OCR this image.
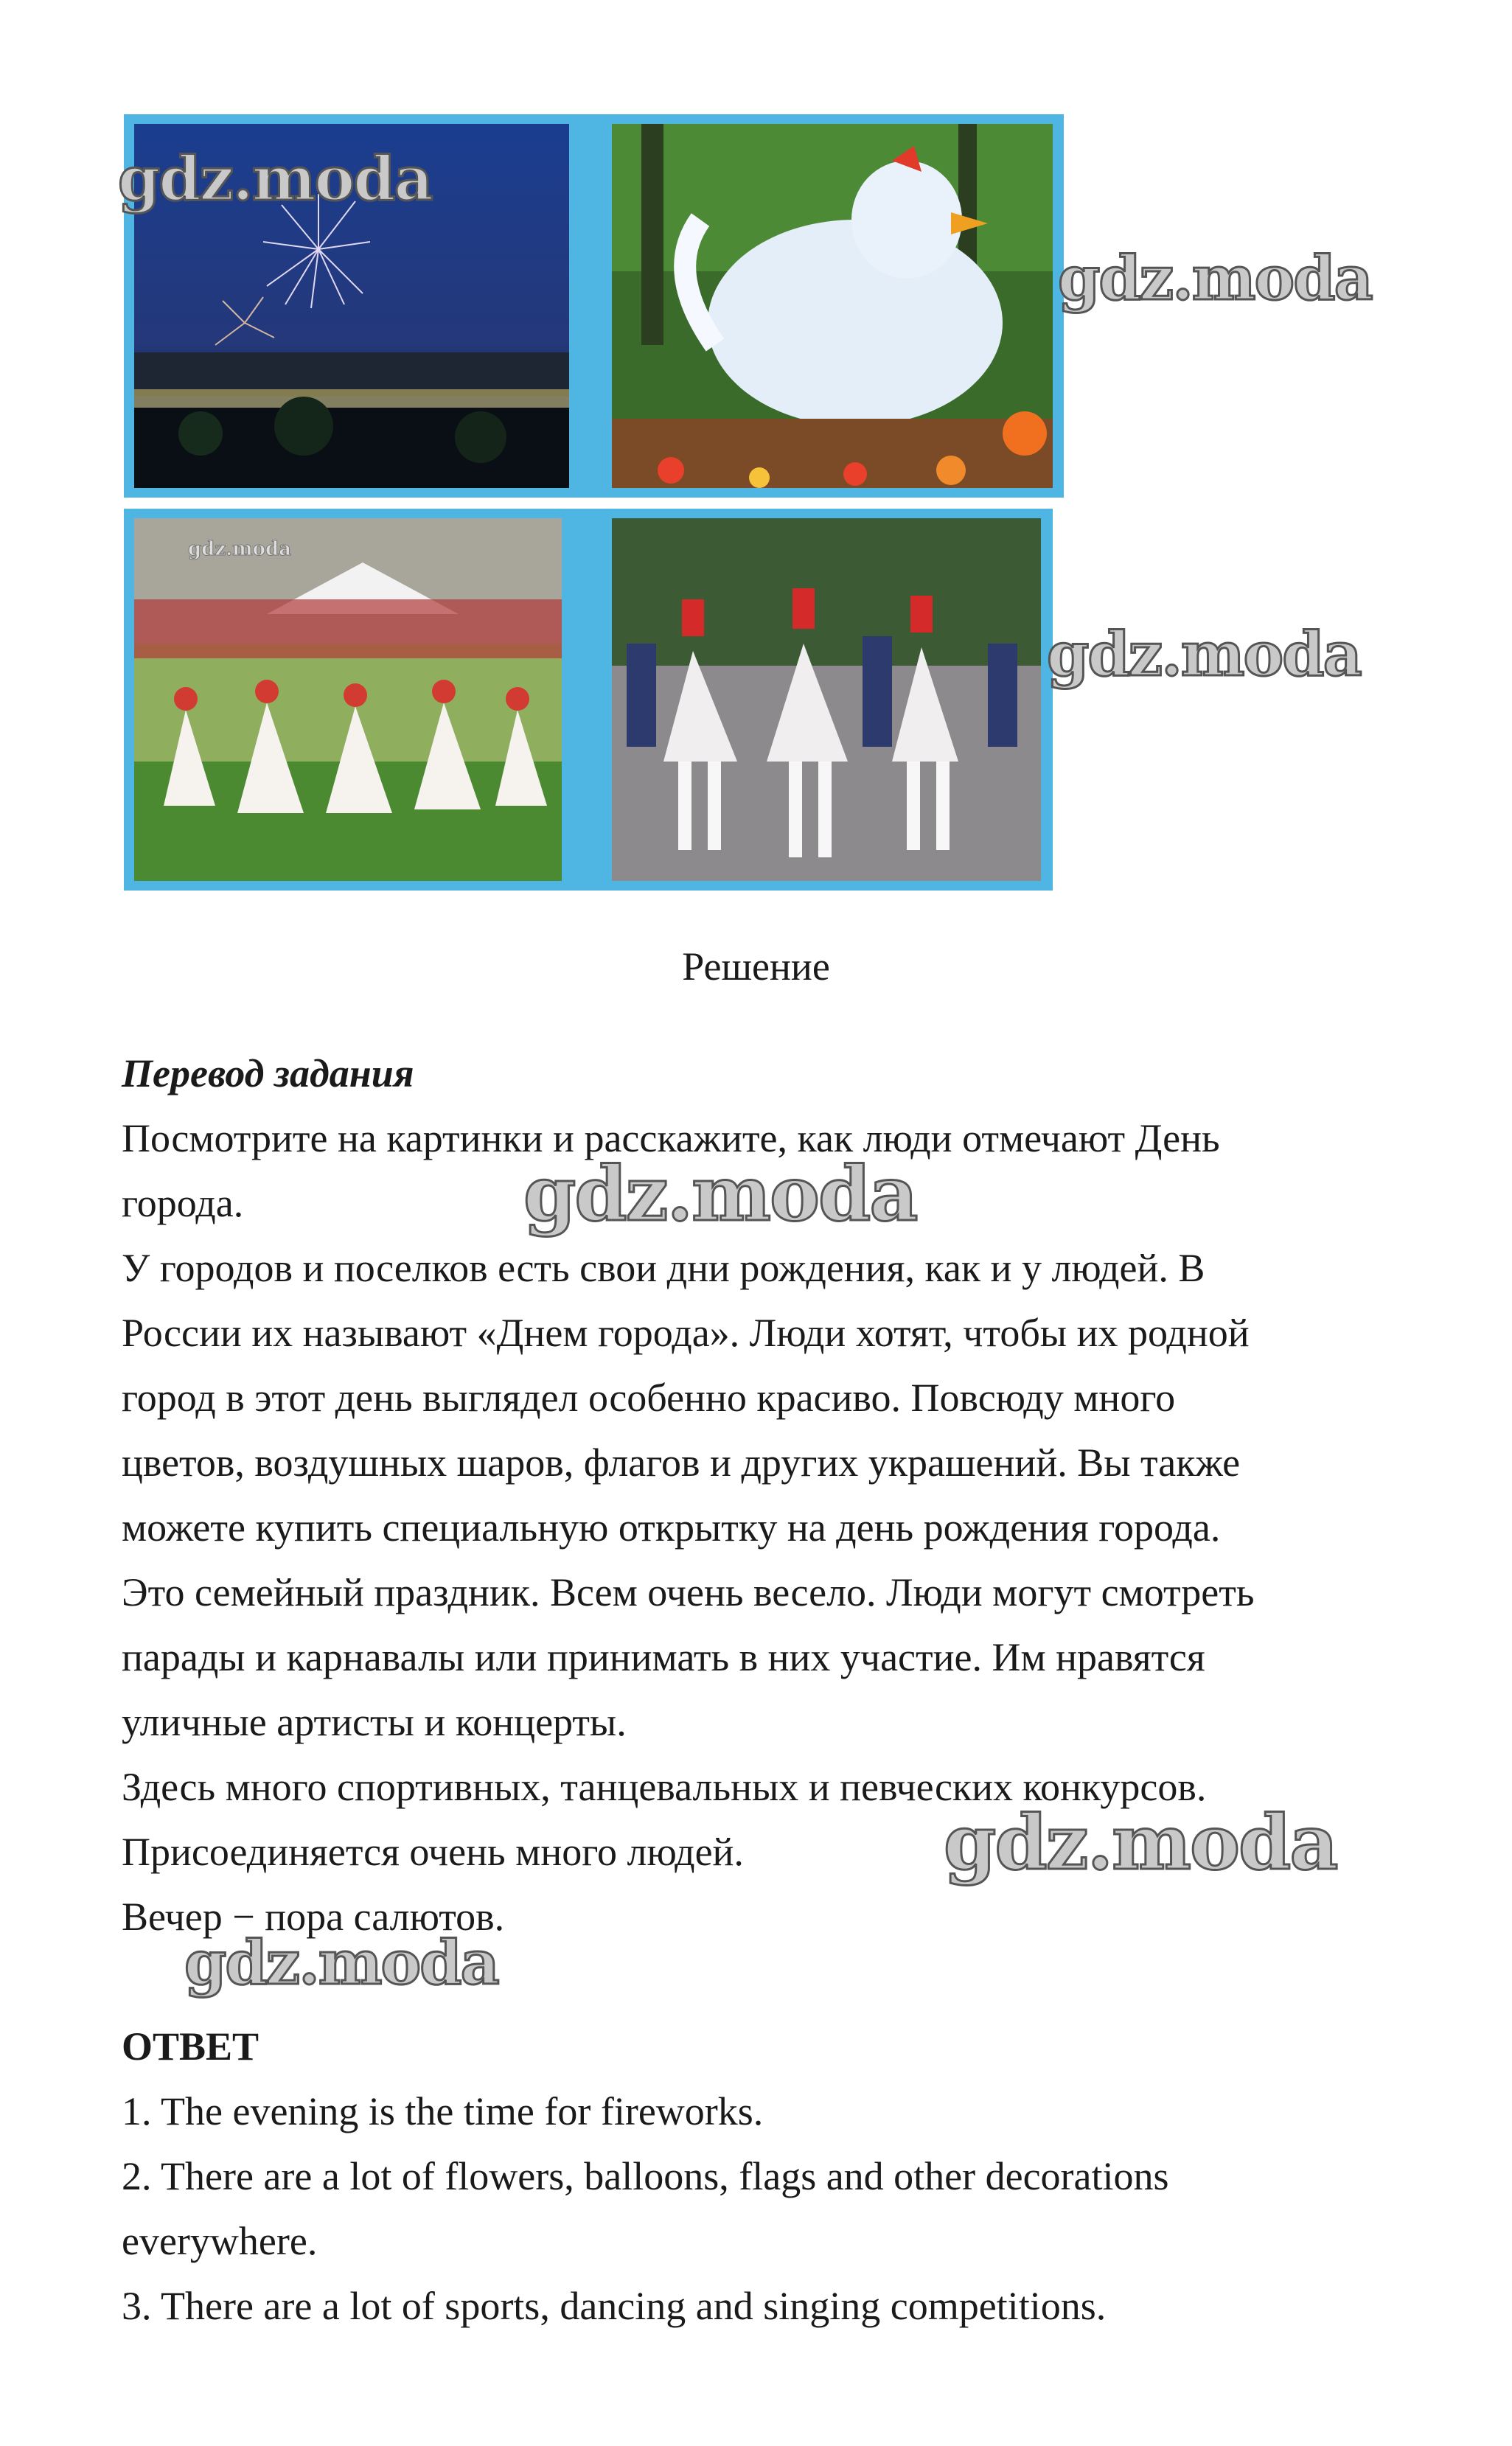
gdz.moda
gdz.moda
gdz.moda
gdz.moda
gdz.moda
gdz.moda
gdz.moda
Решение

Перевод задания

Посмотрите на картинки и расскажите, как люди отмечают День

города.

У городов и поселков есть свои дни рождения, как и у людей. В

России их называют «Днем города». Люди хотят, чтобы их родной

город в этот день выглядел особенно красиво. Повсюду много

цветов, воздушных шаров, флагов и других украшений. Вы также

можете купить специальную открытку на день рождения города.

Это семейный праздник. Всем очень весело. Люди могут смотреть

парады и карнавалы или принимать в них участие. Им нравятся

уличные артисты и концерты.

Здесь много спортивных, танцевальных и певческих конкурсов.

Присоединяется очень много людей.

Вечер − пора салютов.

ОТВЕТ

1. The evening is the time for fireworks.

2. There are a lot of flowers, balloons, flags and other decorations

everywhere.

3. There are a lot of sports, dancing and singing competitions.
